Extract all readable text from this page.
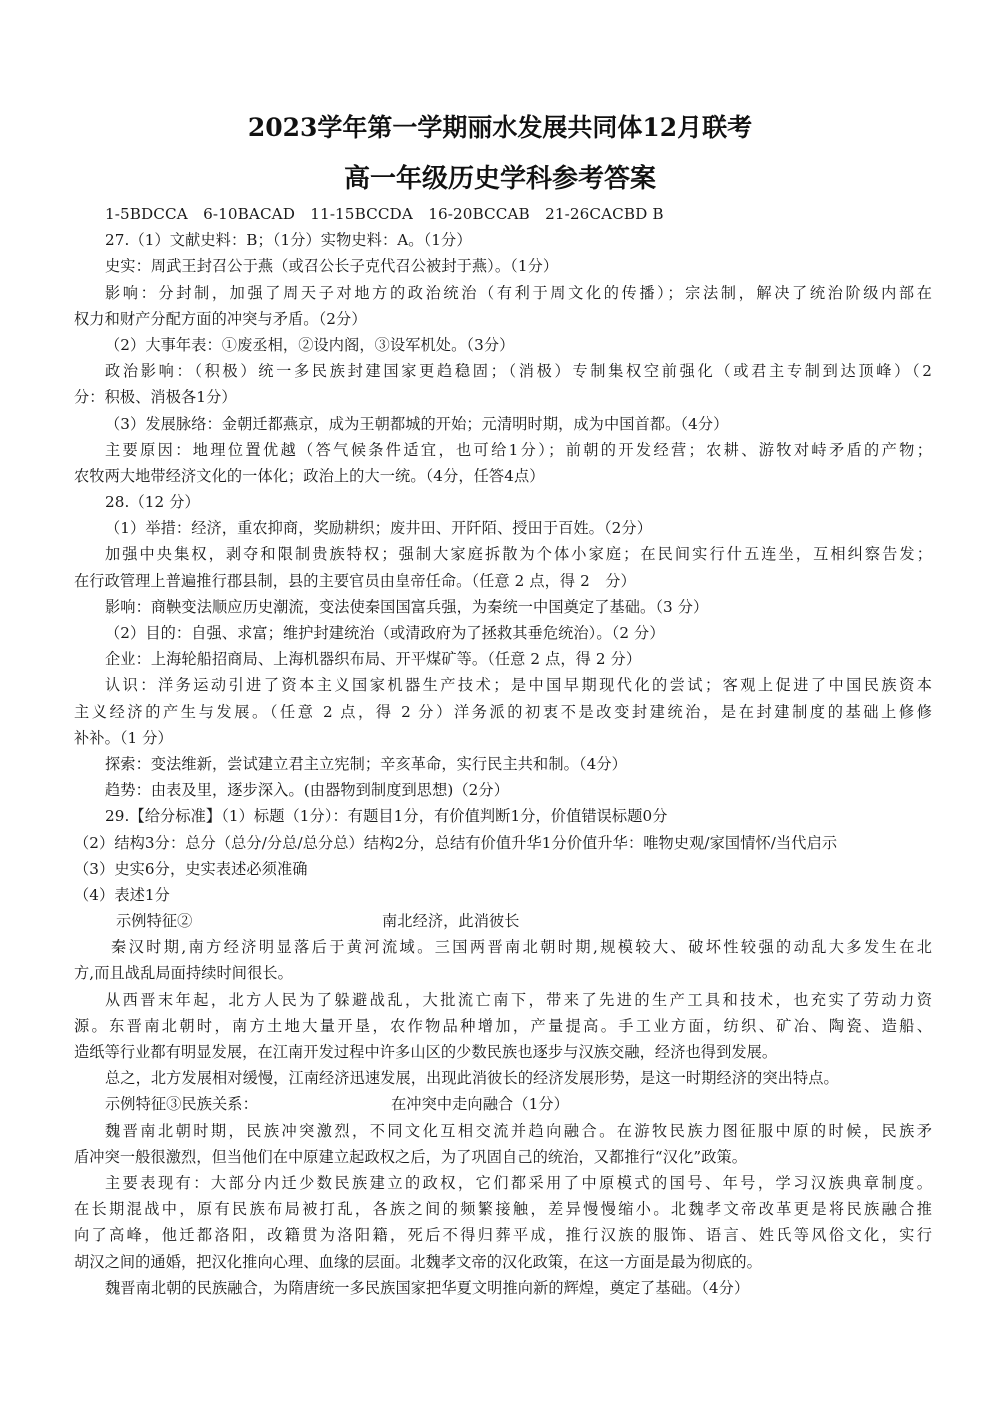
2023学年第一学期丽水发展共同体12月联考
高一年级历史学科参考答案
1-5BDCCA　6-10BACAD　11-15BCCDA　16-20BCCAB　21-26CACBD B
27.（1）文献史料：B；（1分）实物史料：A。（1分）
史实：周武王封召公于燕（或召公长子克代召公被封于燕）。（1分）
影响：分封制，加强了周天子对地方的政治统治（有利于周文化的传播）；宗法制，解决了统治阶级内部在
权力和财产分配方面的冲突与矛盾。（2分）
（2）大事年表：①废丞相，②设内阁，③设军机处。（3分）
政治影响：（积极）统一多民族封建国家更趋稳固；（消极）专制集权空前强化（或君主专制到达顶峰）（2
分：积极、消极各1分）
（3）发展脉络：金朝迁都燕京，成为王朝都城的开始；元清明时期，成为中国首都。（4分）
主要原因：地理位置优越（答气候条件适宜，也可给1分）；前朝的开发经营；农耕、游牧对峙矛盾的产物；
农牧两大地带经济文化的一体化；政治上的大一统。（4分，任答4点）
28.（12 分）
（1）举措：经济，重农抑商，奖励耕织；废井田、开阡陌、授田于百姓。（2分）
加强中央集权，剥夺和限制贵族特权；强制大家庭拆散为个体小家庭；在民间实行什五连坐，互相纠察告发；
在行政管理上普遍推行郡县制，县的主要官员由皇帝任命。（任意 2 点，得 2　分）
影响：商鞅变法顺应历史潮流，变法使秦国国富兵强，为秦统一中国奠定了基础。（3 分）
（2）目的：自强、求富；维护封建统治（或清政府为了拯救其垂危统治）。（2 分）
企业：上海轮船招商局、上海机器织布局、开平煤矿等。（任意 2 点，得 2 分）
认识：洋务运动引进了资本主义国家机器生产技术；是中国早期现代化的尝试；客观上促进了中国民族资本
主义经济的产生与发展。（任意 2 点，得 2 分）洋务派的初衷不是改变封建统治，是在封建制度的基础上修修
补补。（1 分）
探索：变法维新，尝试建立君主立宪制；辛亥革命，实行民主共和制。（4分）
趋势：由表及里，逐步深入。(由器物到制度到思想)（2分）
29.【给分标准】（1）标题（1分）：有题目1分，有价值判断1分，价值错误标题0分
（2）结构3分：总分（总分/分总/总分总）结构2分，总结有价值升华1分价值升华：唯物史观/家国情怀/当代启示
（3）史实6分，史实表述必须准确
（4）表述1分
示例特征②	南北经济，此消彼长
秦汉时期,南方经济明显落后于黄河流域。三国两晋南北朝时期,规模较大、破坏性较强的动乱大多发生在北
方,而且战乱局面持续时间很长。
从西晋末年起，北方人民为了躲避战乱，大批流亡南下，带来了先进的生产工具和技术，也充实了劳动力资
源。东晋南北朝时，南方土地大量开垦，农作物品种增加，产量提高。手工业方面，纺织、矿冶、陶瓷、造船、
造纸等行业都有明显发展，在江南开发过程中许多山区的少数民族也逐步与汉族交融，经济也得到发展。
总之，北方发展相对缓慢，江南经济迅速发展，出现此消彼长的经济发展形势，是这一时期经济的突出特点。
示例特征③民族关系：	在冲突中走向融合（1分）
魏晋南北朝时期，民族冲突激烈，不同文化互相交流并趋向融合。在游牧民族力图征服中原的时候，民族矛
盾冲突一般很激烈，但当他们在中原建立起政权之后，为了巩固自己的统治，又都推行“汉化”政策。
主要表现有：大部分内迁少数民族建立的政权，它们都采用了中原模式的国号、年号，学习汉族典章制度。
在长期混战中，原有民族布局被打乱，各族之间的频繁接触，差异慢慢缩小。北魏孝文帝改革更是将民族融合推
向了高峰，他迁都洛阳，改籍贯为洛阳籍，死后不得归葬平成，推行汉族的服饰、语言、姓氏等风俗文化，实行
胡汉之间的通婚，把汉化推向心理、血缘的层面。北魏孝文帝的汉化政策，在这一方面是最为彻底的。
魏晋南北朝的民族融合，为隋唐统一多民族国家把华夏文明推向新的辉煌，奠定了基础。（4分）
